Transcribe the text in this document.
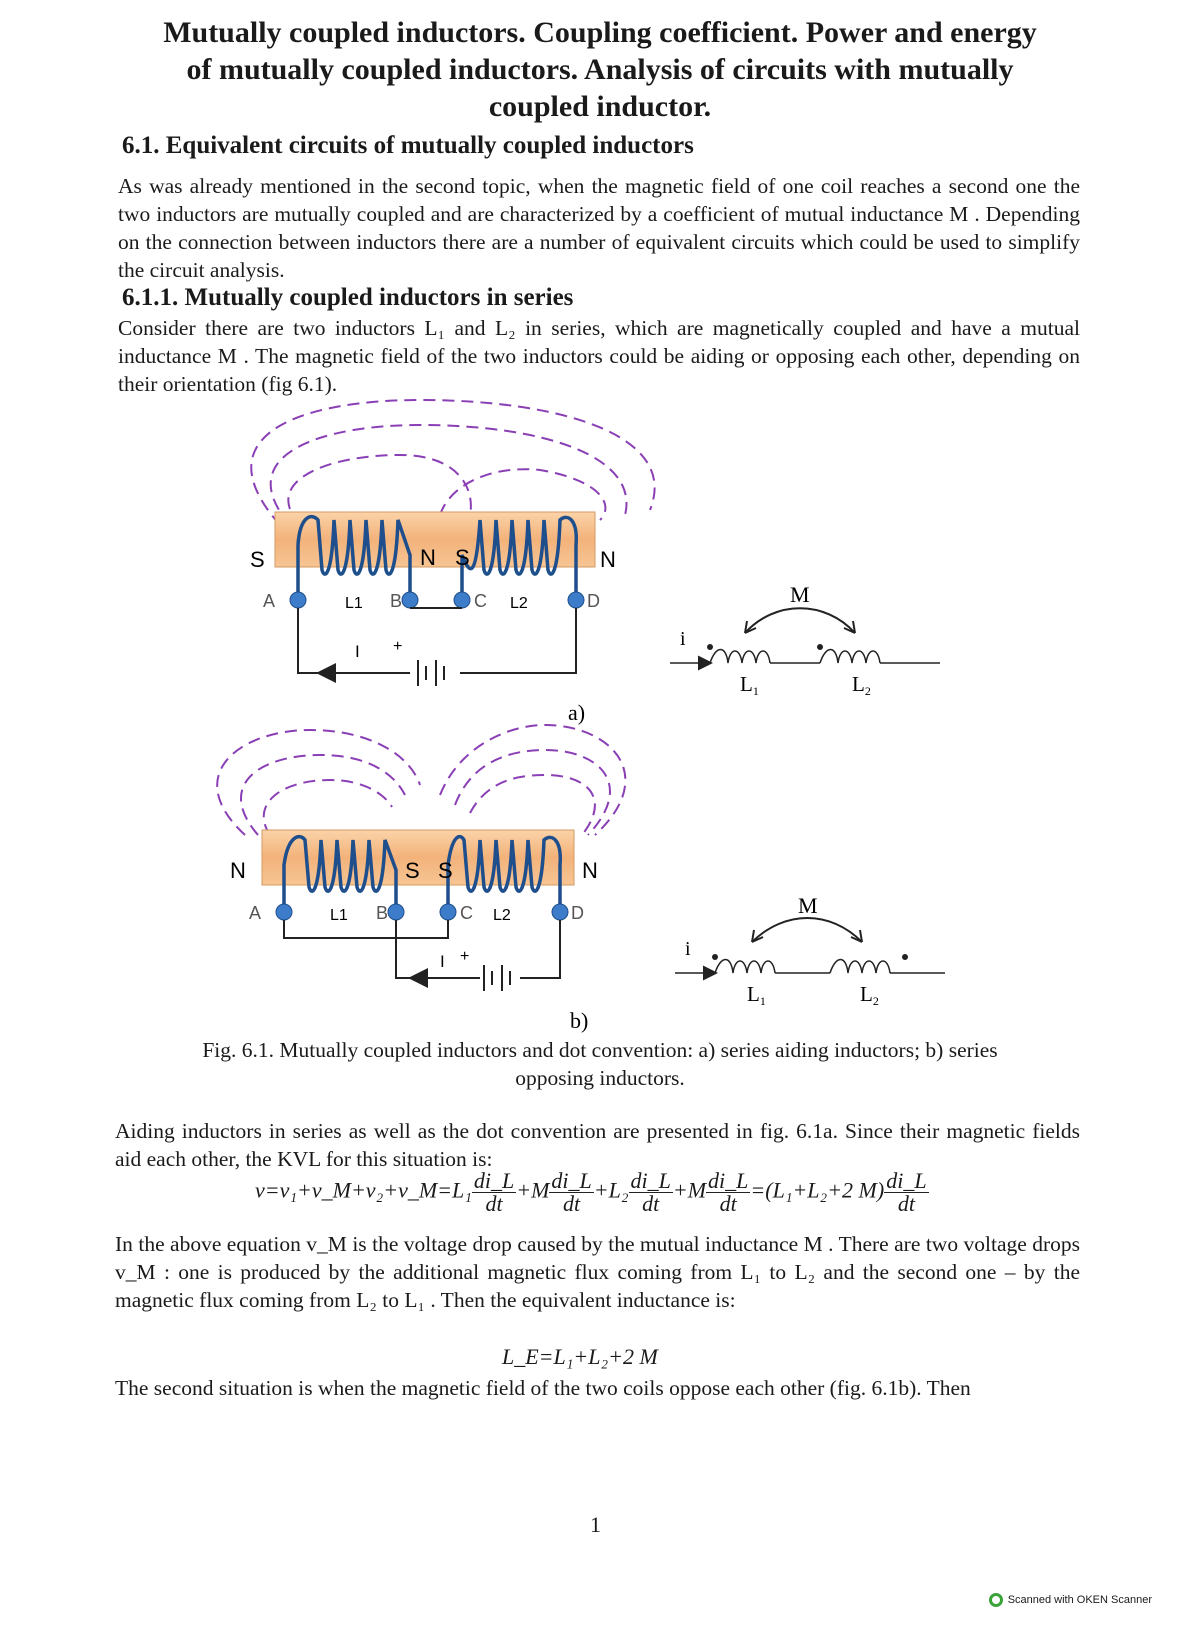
Mutually coupled inductors. Coupling coefficient. Power and energy
of mutually coupled inductors. Analysis of circuits with mutually
coupled inductor.
6.1. Equivalent circuits of mutually coupled inductors
As was already mentioned in the second topic, when the magnetic field of one coil reaches a second one the two inductors are mutually coupled and are characterized by a coefficient of mutual inductance M . Depending on the connection between inductors there are a number of equivalent circuits which could be used to simplify the circuit analysis.
6.1.1. Mutually coupled inductors in series
Consider there are two inductors L₁ and L₂ in series, which are magnetically coupled and have a mutual inductance M . The magnetic field of the two inductors could be aiding or opposing each other, depending on their orientation (fig 6.1).
S	N S	N
A	B	C	D
L1	L2
I +
a)
M
i
L1	L2
N	S S	N
A	B	C	D
L1	L2
I +
b)
M
i
L1	L2
Fig. 6.1. Mutually coupled inductors and dot convention: a) series aiding inductors; b) series
opposing inductors.
Aiding inductors in series as well as the dot convention are presented in fig. 6.1a. Since their magnetic fields aid each other, the KVL for this situation is:
v=v₁+v_M+v₂+v_M=L₁ $\frac{di\_L}{dt} +M \frac{di\_L}{dt} +L_2 \frac{di\_L}{dt} +M \frac{di\_L}{dt} =(L_1+L_2+2$ $M) \frac{di\_L}{dt}$
In the above equation v_M is the voltage drop caused by the mutual inductance M . There are two voltage drops v_M : one is produced by the additional magnetic flux coming from L₁ to L₂ and the second one – by the magnetic flux coming from L₂ to L₁ . Then the equivalent inductance is:
L_E=L₁+L₂+2 M
The second situation is when the magnetic field of the two coils oppose each other (fig. 6.1b). Then
1
Scanned with OKEN Scanner
